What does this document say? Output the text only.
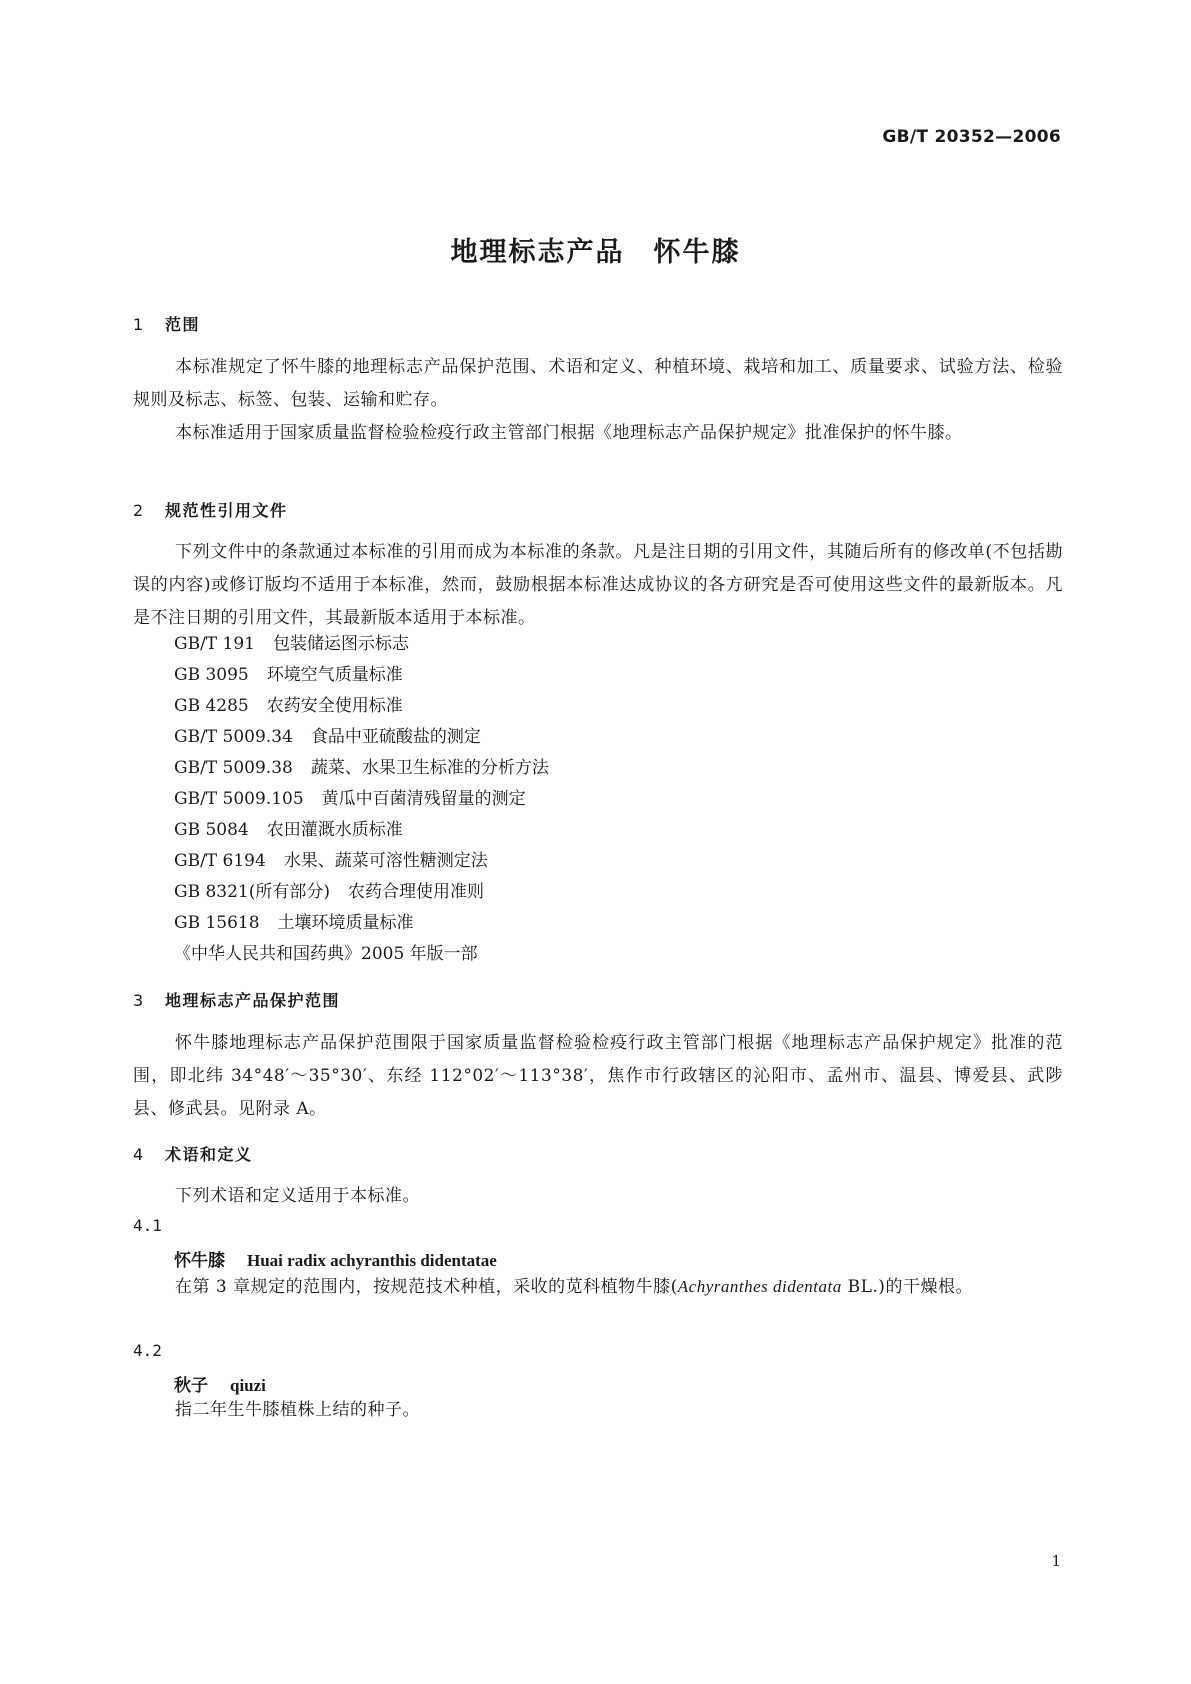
GB/T 20352—2006
地理标志产品　怀牛膝
1 范围
本标准规定了怀牛膝的地理标志产品保护范围、术语和定义、种植环境、栽培和加工、质量要求、试验方法、检验规则及标志、标签、包装、运输和贮存。
本标准适用于国家质量监督检验检疫行政主管部门根据《地理标志产品保护规定》批准保护的怀牛膝。
2 规范性引用文件
下列文件中的条款通过本标准的引用而成为本标准的条款。凡是注日期的引用文件，其随后所有的修改单(不包括勘误的内容)或修订版均不适用于本标准，然而，鼓励根据本标准达成协议的各方研究是否可使用这些文件的最新版本。凡是不注日期的引用文件，其最新版本适用于本标准。
GB/T 191 包装储运图示标志
GB 3095 环境空气质量标准
GB 4285 农药安全使用标准
GB/T 5009.34 食品中亚硫酸盐的测定
GB/T 5009.38 蔬菜、水果卫生标准的分析方法
GB/T 5009.105 黄瓜中百菌清残留量的测定
GB 5084 农田灌溉水质标准
GB/T 6194 水果、蔬菜可溶性糖测定法
GB 8321(所有部分) 农药合理使用准则
GB 15618 土壤环境质量标准
《中华人民共和国药典》2005 年版一部
3 地理标志产品保护范围
怀牛膝地理标志产品保护范围限于国家质量监督检验检疫行政主管部门根据《地理标志产品保护规定》批准的范围，即北纬 34°48′～35°30′、东经 112°02′～113°38′，焦作市行政辖区的沁阳市、孟州市、温县、博爱县、武陟县、修武县。见附录 A。
4 术语和定义
下列术语和定义适用于本标准。
4.1
怀牛膝 Huai radix achyranthis didentatae
在第 3 章规定的范围内，按规范技术种植，采收的苋科植物牛膝(Achyranthes didentata BL.)的干燥根。
4.2
秋子 qiuzi
指二年生牛膝植株上结的种子。
1
